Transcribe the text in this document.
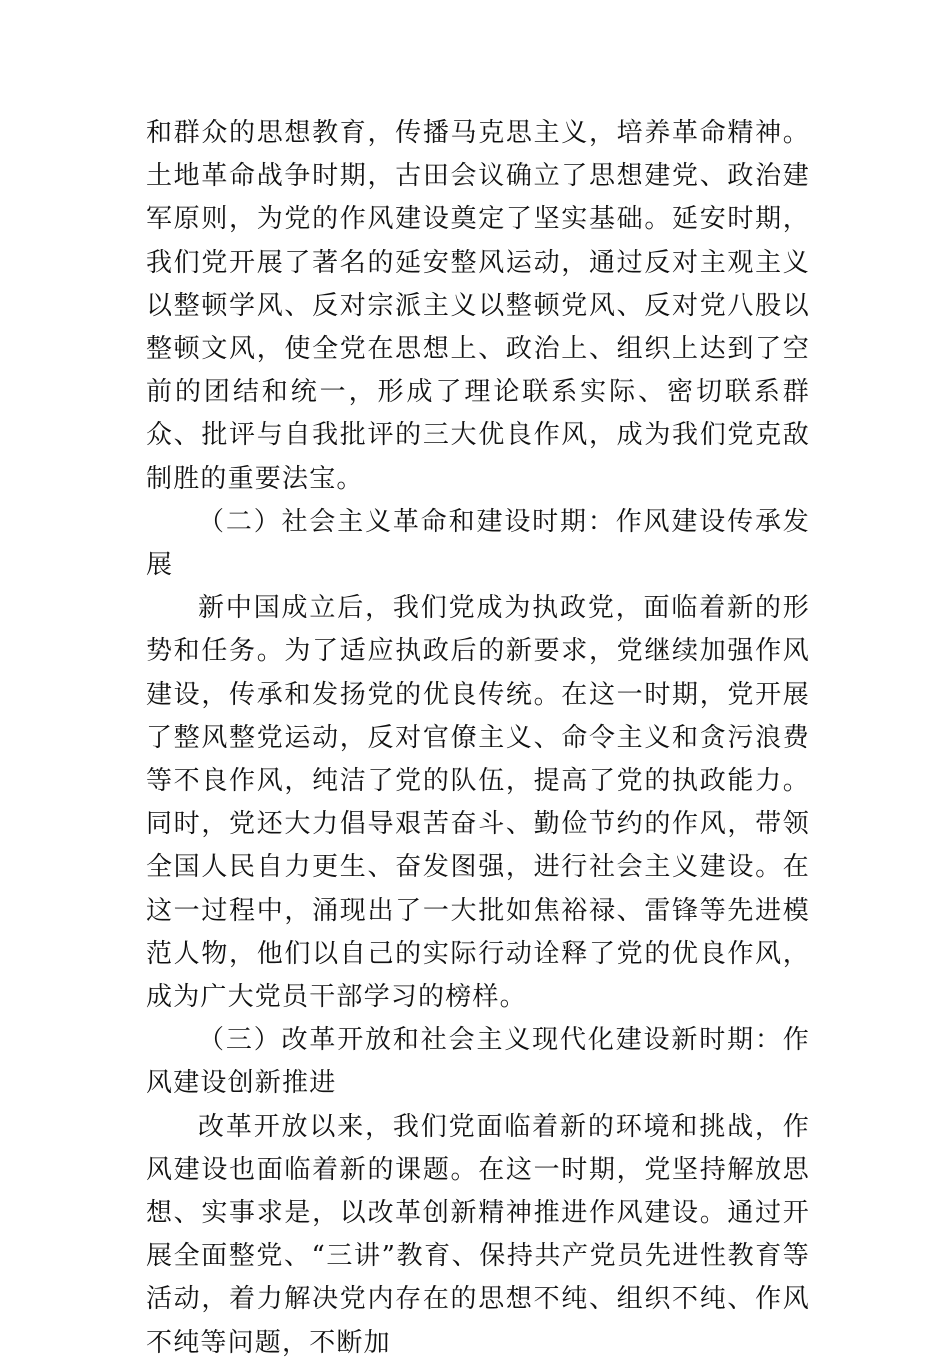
和群众的思想教育，传播马克思主义，培养革命精神。土地革命战争时期，古田会议确立了思想建党、政治建军原则，为党的作风建设奠定了坚实基础。延安时期，我们党开展了著名的延安整风运动，通过反对主观主义以整顿学风、反对宗派主义以整顿党风、反对党八股以整顿文风，使全党在思想上、政治上、组织上达到了空前的团结和统一，形成了理论联系实际、密切联系群众、批评与自我批评的三大优良作风，成为我们党克敌制胜的重要法宝。

（二）社会主义革命和建设时期：作风建设传承发展

新中国成立后，我们党成为执政党，面临着新的形势和任务。为了适应执政后的新要求，党继续加强作风建设，传承和发扬党的优良传统。在这一时期，党开展了整风整党运动，反对官僚主义、命令主义和贪污浪费等不良作风，纯洁了党的队伍，提高了党的执政能力。同时，党还大力倡导艰苦奋斗、勤俭节约的作风，带领全国人民自力更生、奋发图强，进行社会主义建设。在这一过程中，涌现出了一大批如焦裕禄、雷锋等先进模范人物，他们以自己的实际行动诠释了党的优良作风，成为广大党员干部学习的榜样。

（三）改革开放和社会主义现代化建设新时期：作风建设创新推进

改革开放以来，我们党面临着新的环境和挑战，作风建设也面临着新的课题。在这一时期，党坚持解放思想、实事求是，以改革创新精神推进作风建设。通过开展全面整党、“三讲”教育、保持共产党员先进性教育等活动，着力解决党内存在的思想不纯、组织不纯、作风不纯等问题，不断加
